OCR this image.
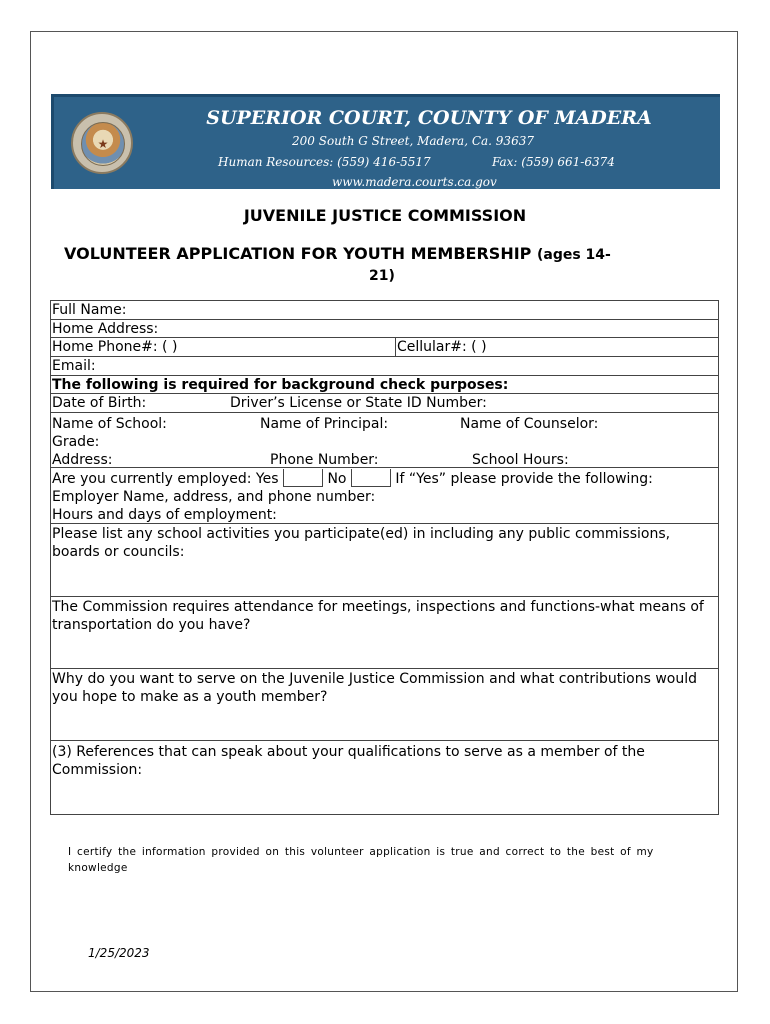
★
SUPERIOR COURT, COUNTY OF MADERA
200 South G Street, Madera, Ca. 93637
Human Resources: (559) 416-5517	Fax: (559) 661-6374
www.madera.courts.ca.gov
JUVENILE JUSTICE COMMISSION
VOLUNTEER APPLICATION FOR YOUTH MEMBERSHIP (ages 14-
21)
Full Name:
Home Address:
Home Phone#: ( )	Cellular#: ( )
Email:
The following is required for background check purposes:
Date of Birth:	Driver’s License or State ID Number:
Name of School:	Name of Principal:	Name of Counselor:
Grade:
Address:	Phone Number:	School Hours:
Are you currently employed: Yes	No	If “Yes” please provide the following:
Employer Name, address, and phone number:
Hours and days of employment:
Please list any school activities you participate(ed) in including any public commissions, boards or councils:
The Commission requires attendance for meetings, inspections and functions-what means of transportation do you have?
Why do you want to serve on the Juvenile Justice Commission and what contributions would you hope to make as a youth member?
(3) References that can speak about your qualifications to serve as a member of the Commission:
I certify the information provided on this volunteer application is true and correct to the best of my knowledge
1/25/2023
